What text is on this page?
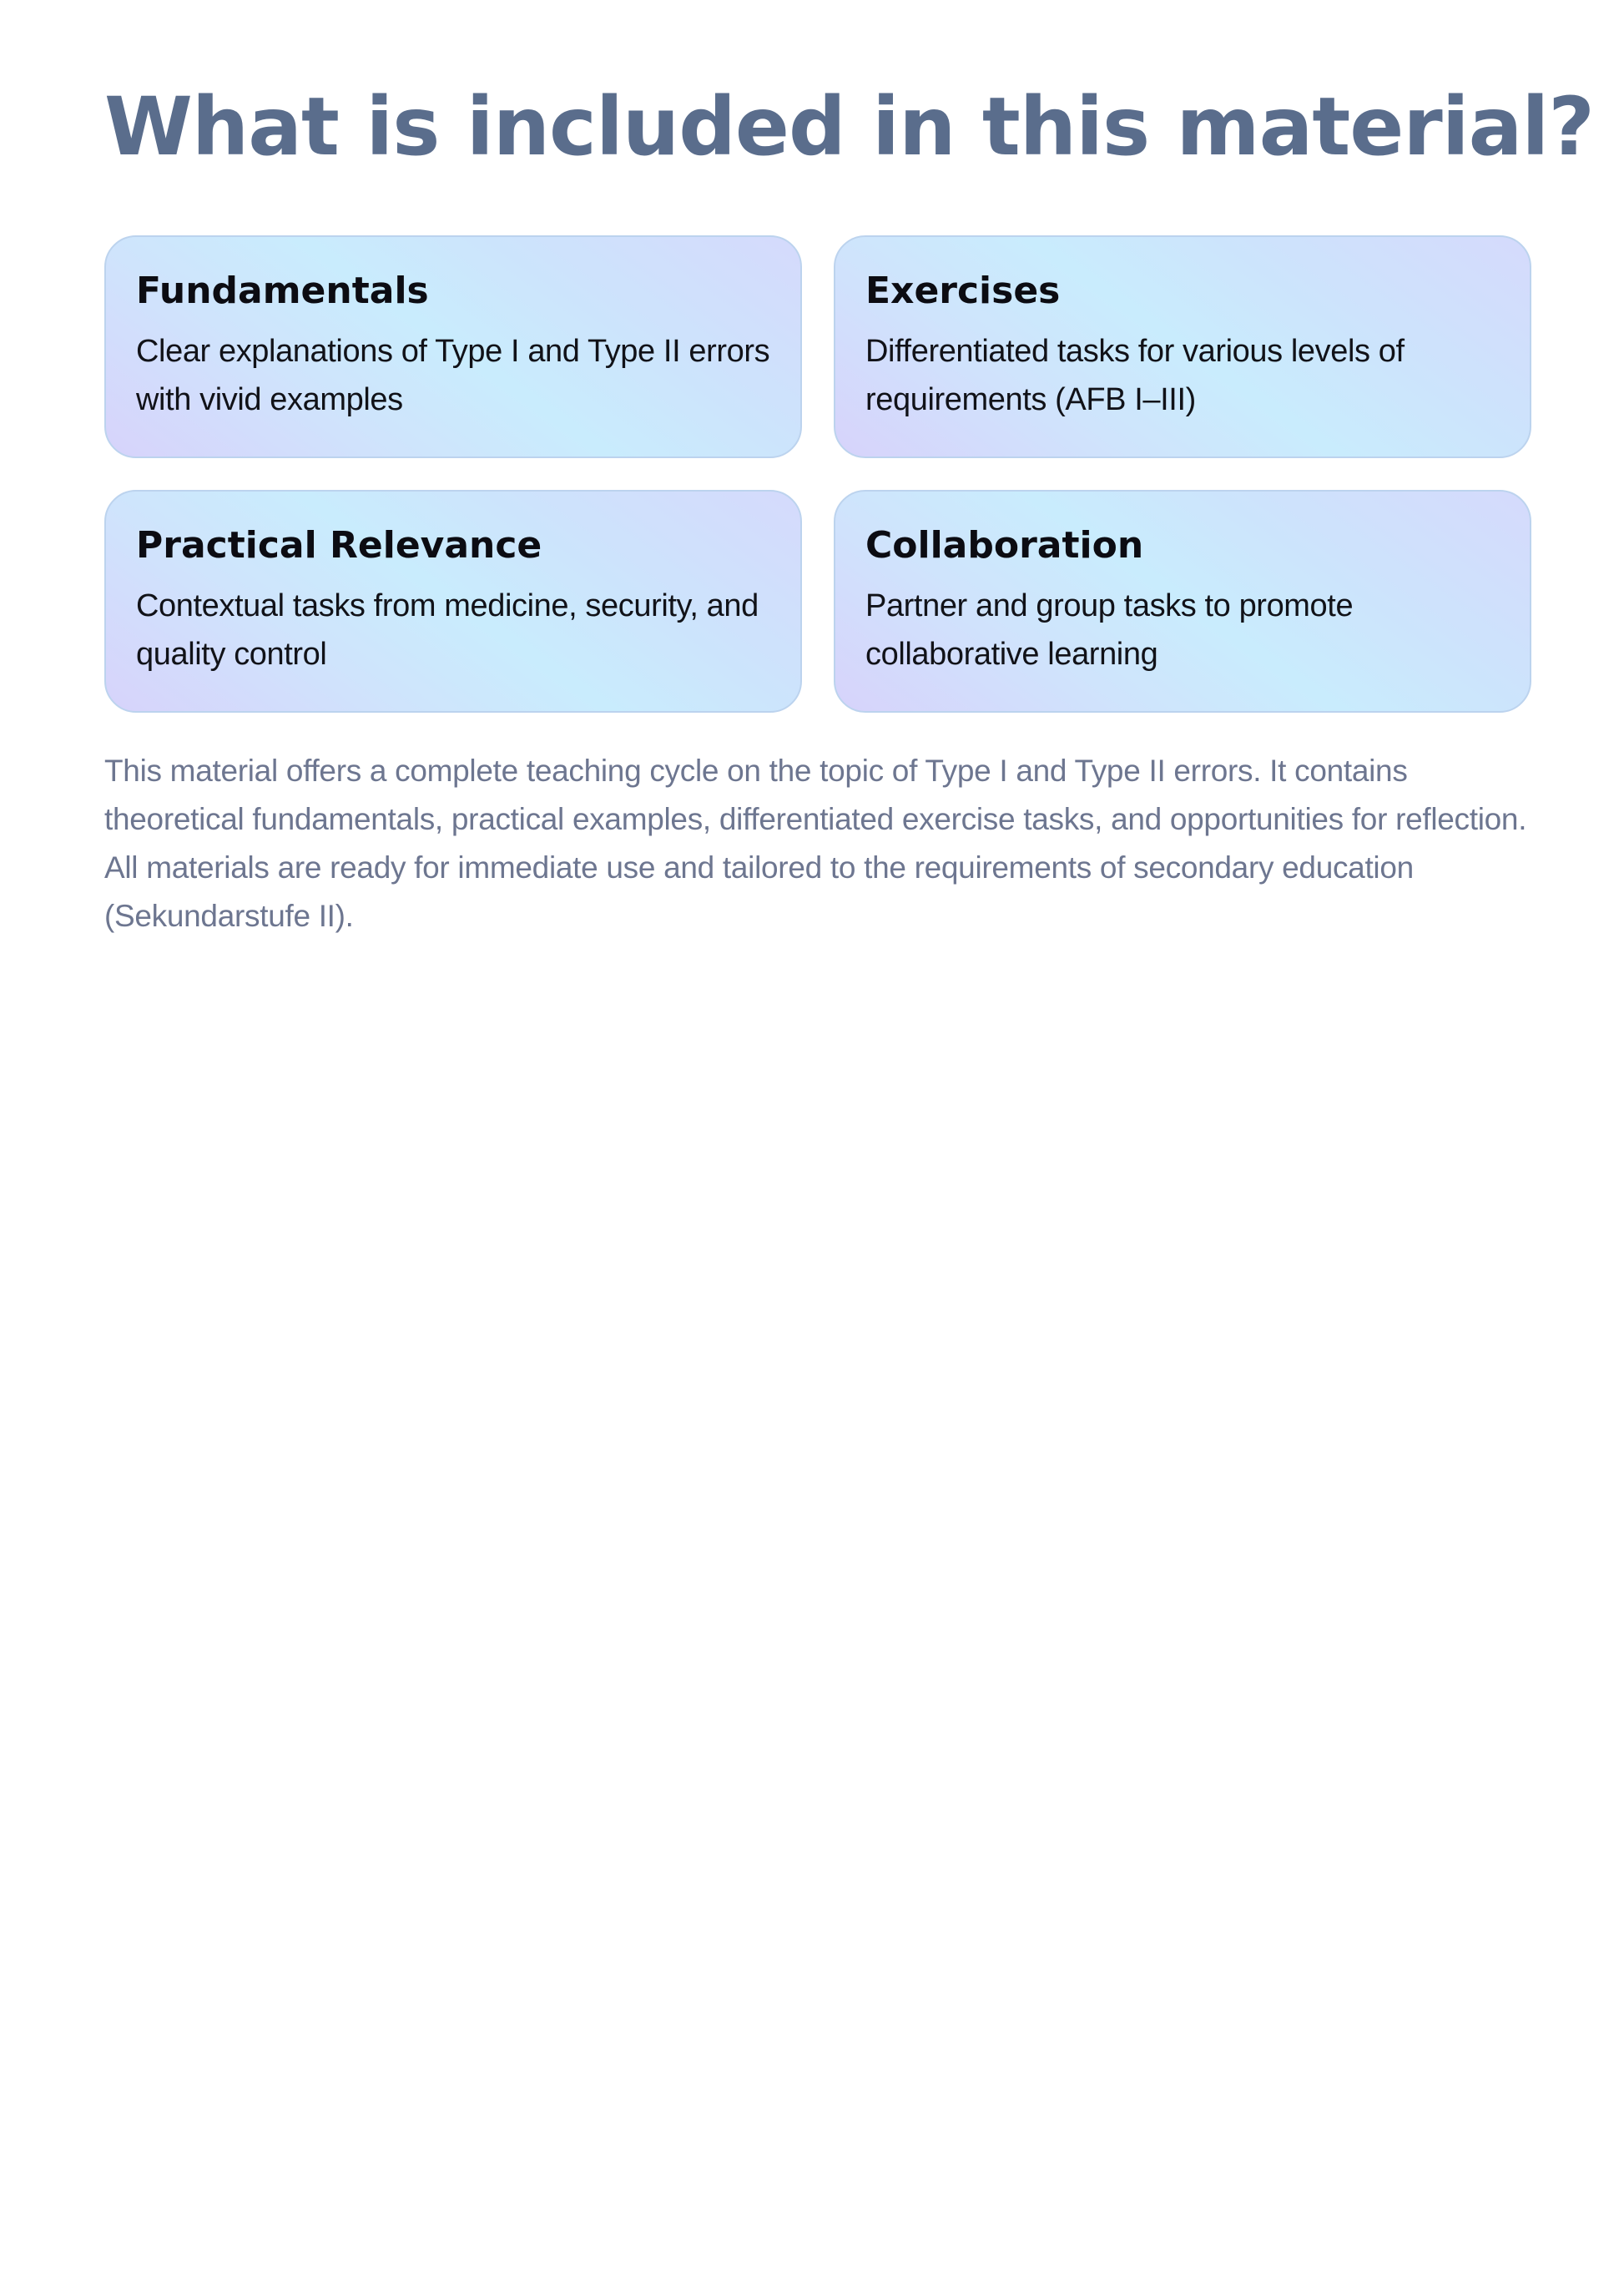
What is included in this material?
Fundamentals

Clear explanations of Type I and Type II errors with vivid examples

Exercises

Differentiated tasks for various levels of requirements (AFB I–III)

Practical Relevance

Contextual tasks from medicine, security, and quality control

Collaboration

Partner and group tasks to promote collaborative learning

This material offers a complete teaching cycle on the topic of Type I and Type II errors. It contains theoretical fundamentals, practical examples, differentiated exercise tasks, and opportunities for reflection. All materials are ready for immediate use and tailored to the requirements of secondary education (Sekundarstufe II).
